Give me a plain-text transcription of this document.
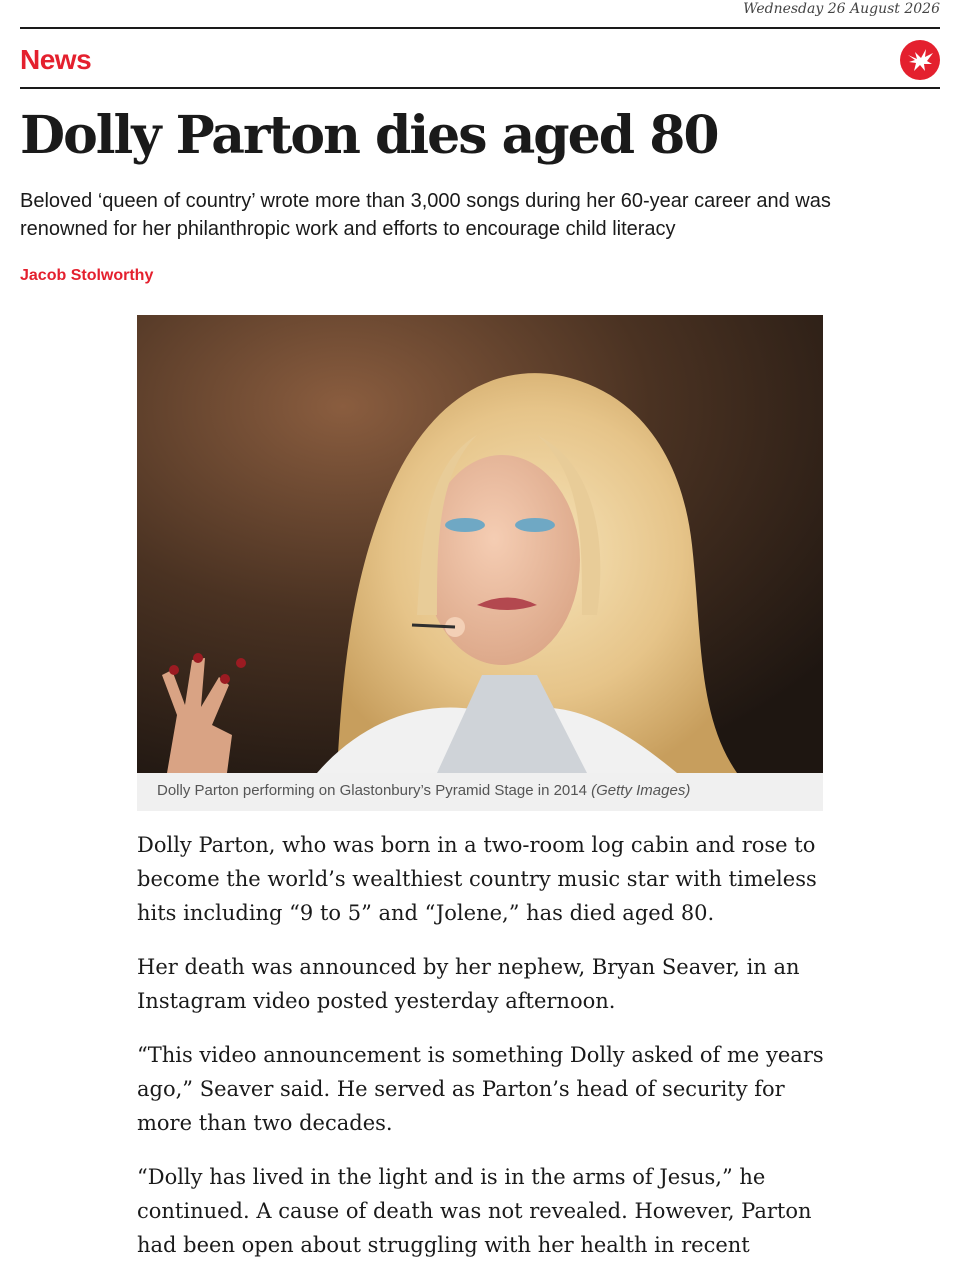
Wednesday 26 August 2026
News
Dolly Parton dies aged 80

Beloved ‘queen of country’ wrote more than 3,000 songs during her 60-year career and was renowned for her philanthropic work and efforts to encourage child literacy

Jacob Stolworthy
Dolly Parton performing on Glastonbury’s Pyramid Stage in 2014 (Getty Images)

Dolly Parton, who was born in a two-room log cabin and rose to become the world’s wealthiest country music star with timeless hits including “9 to 5” and “Jolene,” has died aged 80.

Her death was announced by her nephew, Bryan Seaver, in an Instagram video posted yesterday afternoon.

“This video announcement is something Dolly asked of me years ago,” Seaver said. He served as Parton’s head of security for more than two decades.

“Dolly has lived in the light and is in the arms of Jesus,” he continued. A cause of death was not revealed. However, Parton had been open about struggling with her health in recent
